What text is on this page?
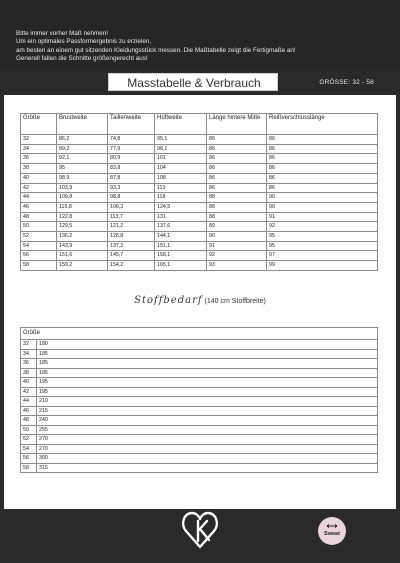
Bitte immer vorher Maß nehmen!
Um ein optimales Passformergebnis zu erzielen,
am besten an einem gut sitzenden Kleidungsstück messen. Die Maßtabelle zeigt die Fertigmaße an!
Generell fallen die Schnitte größengerecht aus!
Masstabelle & Verbrauch	GRÖSSE: 32 - 58
Größe	Brustweite	Taillenweite	Hüftweite	Länge hintere Mitte	Reißverschlusslänge
32	86,2	74,8	95,1	86	86
34	89,2	77,9	98,1	86	86
36	92,1	80,9	101	86	86
38	95	83,8	104	86	86
40	98,9	87,8	108	86	86
42	103,9	93,3	113	86	86
44	109,8	98,8	118	88	90
46	115,8	106,3	124,5	88	90
48	122,8	113,7	131	88	91
50	129,5	121,2	137,6	89	92
52	136,2	128,8	144,1	90	95
54	143,9	137,2	151,1	91	95
56	151,6	145,7	158,1	92	97
58	159,2	154,2	165,1	93	99
Stoffbedarf (140 cm Stoffbreite)
Größe	
32	180
34	185
36	185
38	185
40	195
42	195
44	210
46	215
48	240
50	255
52	270
54	270
56	300
58	315
Sweat
